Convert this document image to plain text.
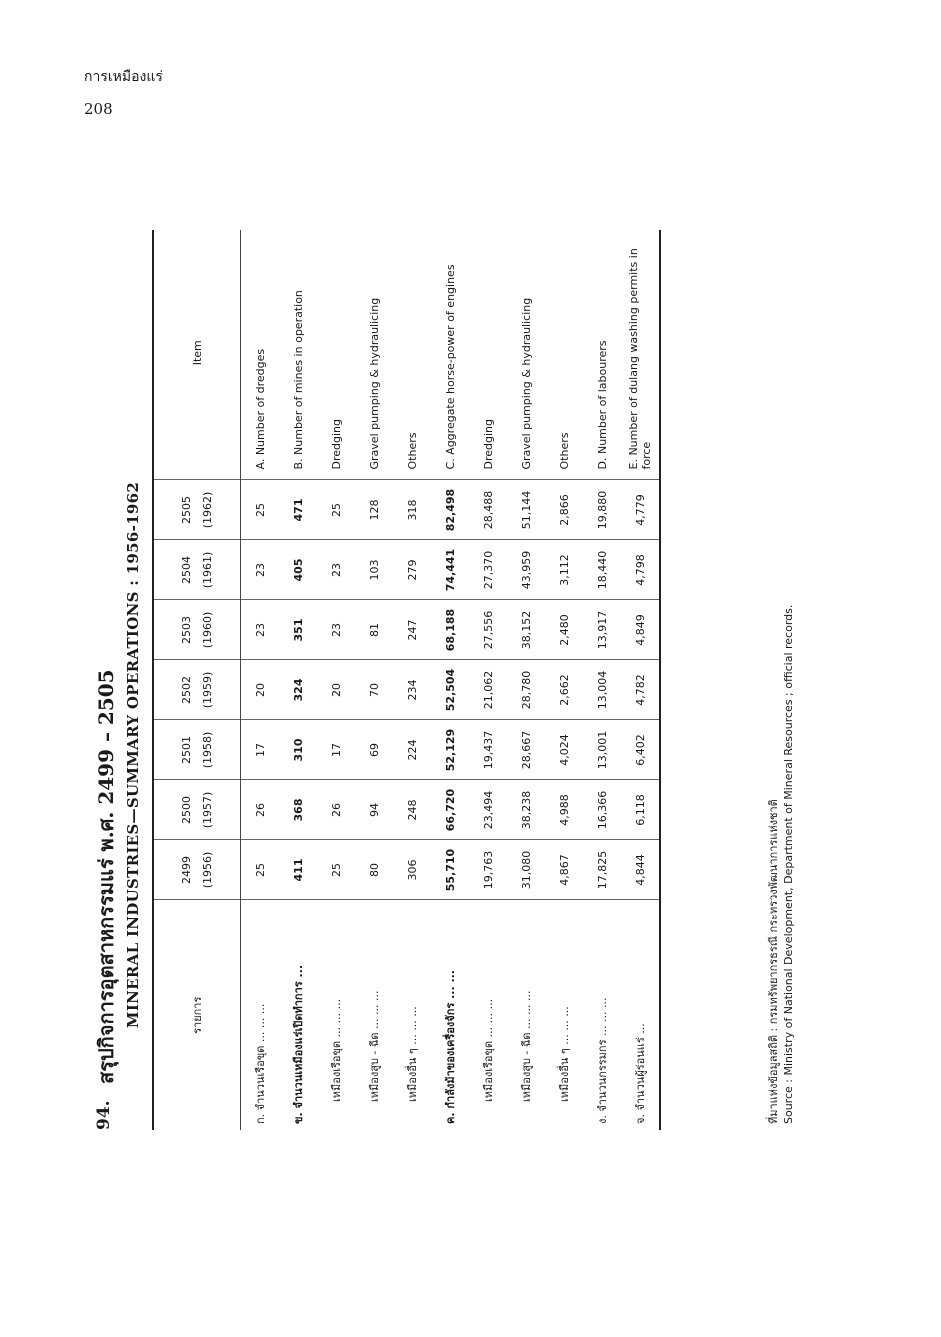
การเหมืองแร่
208
94.
สรุปกิจการอุตสาหกรรมแร่ พ.ศ. 2499 – 2505 MINERAL INDUSTRIES—SUMMARY OPERATIONS : 1956-1962	รายการ	2499 (1956)	2500 (1957)	2501 (1958)	2502 (1959)	2503 (1960)	2504 (1961)	2505 (1962)	Item
ก. จำนวนเรือขุด ... ... ...	25	26	17	20	23	23	25	A. Number of dredges
ข. จำนวนเหมืองแร่เปิดทำการ ...	411	368	310	324	351	405	471	B. Number of mines in operation
เหมืองเรือขุด ... ... ...	25	26	17	20	23	23	25	Dredging
เหมืองสูบ - ฉีด ... ... ...	80	94	69	70	81	103	128	Gravel pumping & hydraulicing
เหมืองอื่น ๆ ... ... ...	306	248	224	234	247	279	318	Others
ค. กำลังม้าของเครื่องจักร ... ...	55,710	66,720	52,129	52,504	68,188	74,441	82,498	C. Aggregate horse-power of engines
เหมืองเรือขุด ... ... ...	19,763	23,494	19,437	21,062	27,556	27,370	28,488	Dredging
เหมืองสูบ - ฉีด ... ... ...	31,080	38,238	28,667	28,780	38,152	43,959	51,144	Gravel pumping & hydraulicing
เหมืองอื่น ๆ ... ... ...	4,867	4,988	4,024	2,662	2,480	3,112	2,866	Others
ง. จำนวนกรรมกร ... ... ...	17,825	16,366	13,001	13,004	13,917	18,440	19,880	D. Number of labourers
จ. จำนวนผู้ร่อนแร่ ...	4,844	6,118	6,402	4,782	4,849	4,798	4,779	E. Number of dulang washing permits in force
ที่มาแห่งข้อมูลสถิติ : กรมทรัพยากรธรณี กระทรวงพัฒนาการแห่งชาติ Source : Ministry of National Development, Department of Mineral Resources ; official records.
